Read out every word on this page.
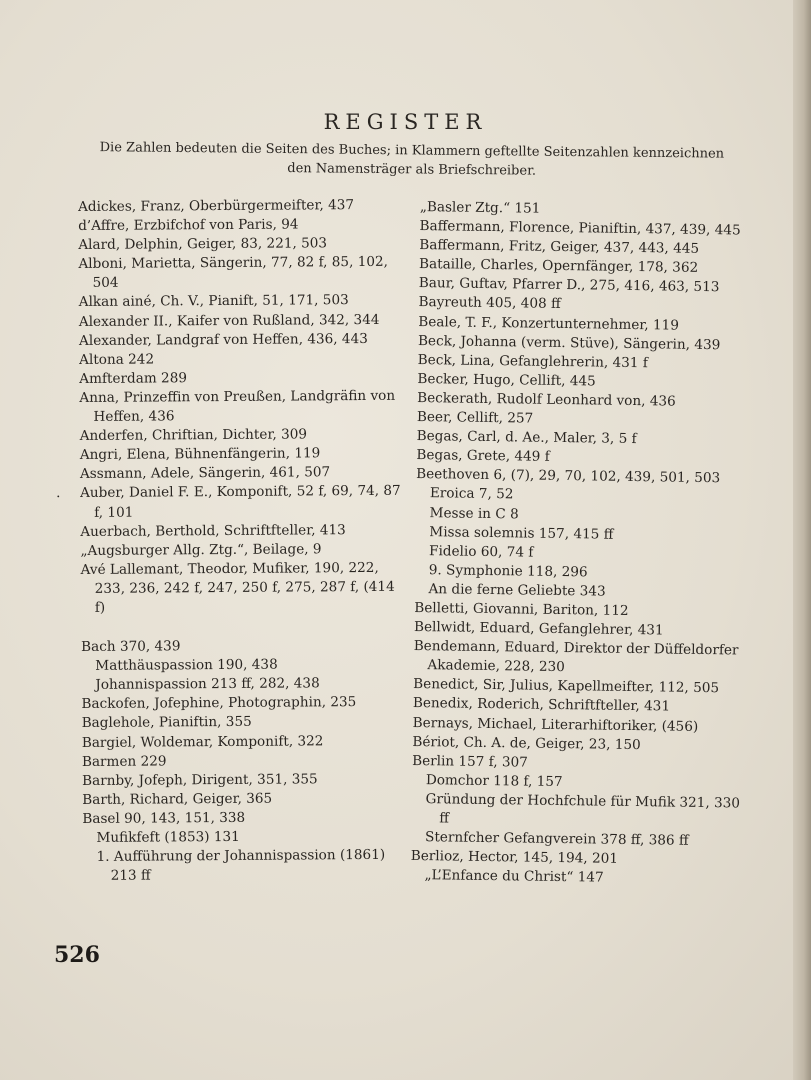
REGISTER
Die Zahlen bedeuten die Seiten des Buches; in Klammern geftellte Seitenzahlen kennzeichnen den Namensträger als Briefschreiber.
Adickes, Franz, Oberbürgermeifter, 437
d’Affre, Erzbifchof von Paris, 94
Alard, Delphin, Geiger, 83, 221, 503
Alboni, Marietta, Sängerin, 77, 82 f, 85, 102, 504
Alkan ainé, Ch. V., Pianift, 51, 171, 503
Alexander II., Kaifer von Rußland, 342, 344
Alexander, Landgraf von Heffen, 436, 443
Altona 242
Amfterdam 289
Anna, Prinzeffin von Preußen, Landgräfin von Heffen, 436
Anderfen, Chriftian, Dichter, 309
Angri, Elena, Bühnenfängerin, 119
Assmann, Adele, Sängerin, 461, 507
Auber, Daniel F. E., Komponift, 52 f, 69, 74, 87 f, 101
.
Auerbach, Berthold, Schriftfteller, 413
„Augsburger Allg. Ztg.“, Beilage, 9
Avé Lallemant, Theodor, Mufiker, 190, 222, 233, 236, 242 f, 247, 250 f, 275, 287 f, (414 f)
Bach 370, 439
Matthäuspassion 190, 438
Johannispassion 213 ff, 282, 438
Backofen, Jofephine, Photographin, 235
Baglehole, Pianiftin, 355
Bargiel, Woldemar, Komponift, 322
Barmen 229
Barnby, Jofeph, Dirigent, 351, 355
Barth, Richard, Geiger, 365
Basel 90, 143, 151, 338
Mufikfeft (1853) 131
1. Aufführung der Johannispassion (1861) 213 ff
„Basler Ztg.“ 151
Baffermann, Florence, Pianiftin, 437, 439, 445
Baffermann, Fritz, Geiger, 437, 443, 445
Bataille, Charles, Opernfänger, 178, 362
Baur, Guftav, Pfarrer D., 275, 416, 463, 513
Bayreuth 405, 408 ff
Beale, T. F., Konzertunternehmer, 119
Beck, Johanna (verm. Stüve), Sängerin, 439
Beck, Lina, Gefanglehrerin, 431 f
Becker, Hugo, Cellift, 445
Beckerath, Rudolf Leonhard von, 436
Beer, Cellift, 257
Begas, Carl, d. Ae., Maler, 3, 5 f
Begas, Grete, 449 f
Beethoven 6, (7), 29, 70, 102, 439, 501, 503
Eroica 7, 52
Messe in C 8
Missa solemnis 157, 415 ff
Fidelio 60, 74 f
9. Symphonie 118, 296
An die ferne Geliebte 343
Belletti, Giovanni, Bariton, 112
Bellwidt, Eduard, Gefanglehrer, 431
Bendemann, Eduard, Direktor der Düffeldorfer Akademie, 228, 230
Benedict, Sir, Julius, Kapellmeifter, 112, 505
Benedix, Roderich, Schriftfteller, 431
Bernays, Michael, Literarhiftoriker, (456)
Bériot, Ch. A. de, Geiger, 23, 150
Berlin 157 f, 307
Domchor 118 f, 157
Gründung der Hochfchule für Mufik 321, 330 ff
Sternfcher Gefangverein 378 ff, 386 ff
Berlioz, Hector, 145, 194, 201
„L’Enfance du Christ“ 147
526
